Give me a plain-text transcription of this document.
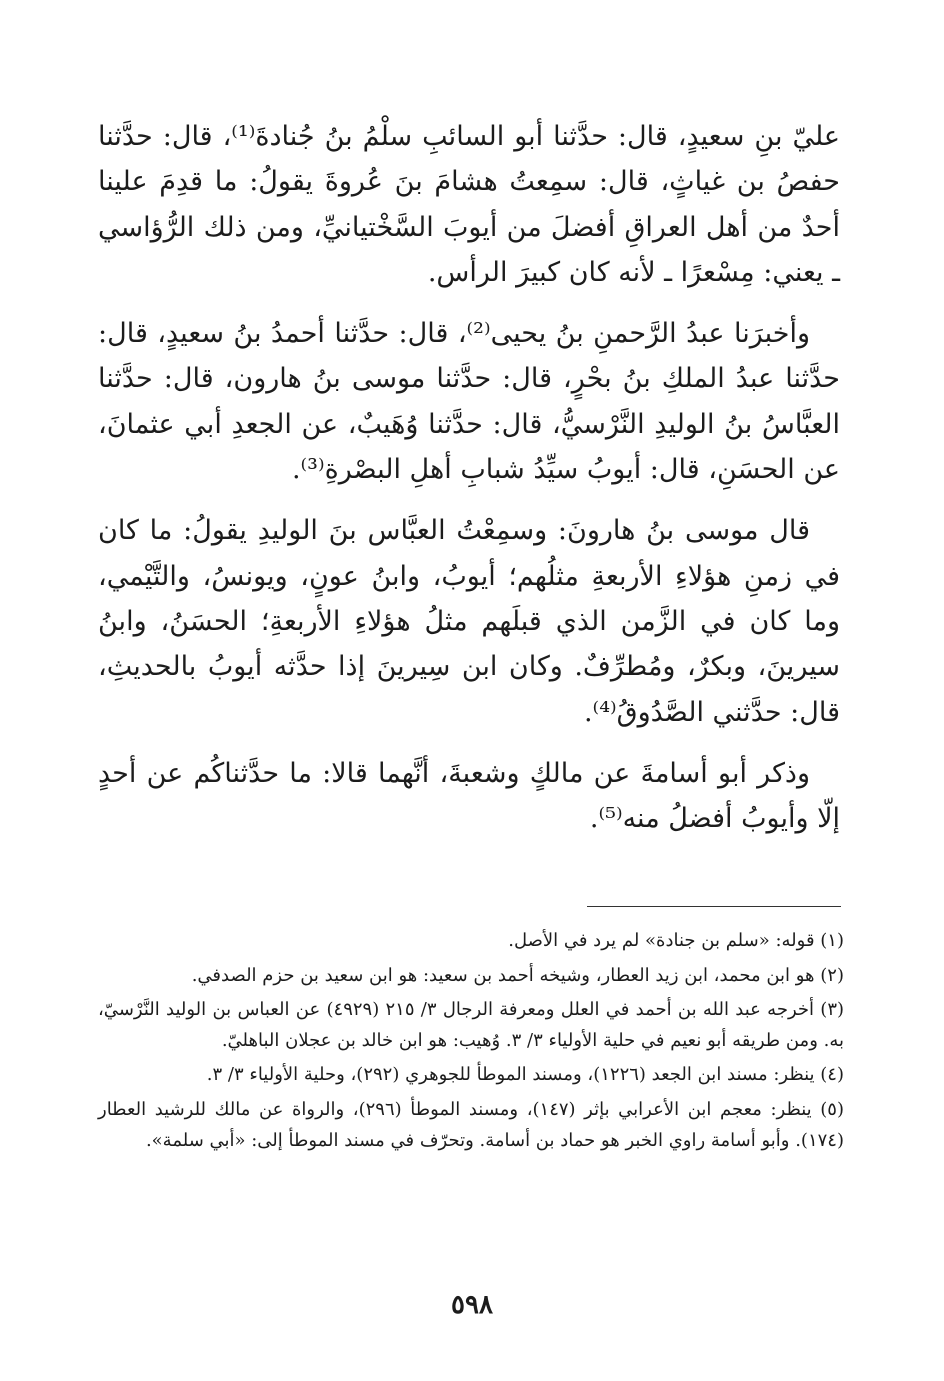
عليّ بنِ سعيدٍ، قال: حدَّثنا أبو السائبِ سلْمُ بنُ جُنادةَ⁽¹⁾، قال: حدَّثنا حفصُ بن غياثٍ، قال: سمِعتُ هشامَ بنَ عُروةَ يقولُ: ما قدِمَ علينا أحدٌ من أهل العراقِ أفضلَ من أيوبَ السَّخْتيانيِّ، ومن ذلك الرُّؤاسي ـ يعني: مِسْعرًا ـ لأنه كان كبيرَ الرأس.

وأخبرَنا عبدُ الرَّحمنِ بنُ يحيى⁽²⁾، قال: حدَّثنا أحمدُ بنُ سعيدٍ، قال: حدَّثنا عبدُ الملكِ بنُ بحْرٍ، قال: حدَّثنا موسى بنُ هارون، قال: حدَّثنا العبَّاسُ بنُ الوليدِ النَّرْسيُّ، قال: حدَّثنا وُهَيبٌ، عن الجعدِ أبي عثمانَ، عن الحسَنِ، قال: أيوبُ سيِّدُ شبابِ أهلِ البصْرةِ⁽³⁾.

قال موسى بنُ هارونَ: وسمِعْتُ العبَّاس بنَ الوليدِ يقولُ: ما كان في زمنِ هؤلاءِ الأربعةِ مثلُهم؛ أيوبُ، وابنُ عونٍ، ويونسُ، والتَّيْمي، وما كان في الزَّمن الذي قبلَهم مثلُ هؤلاءِ الأربعةِ؛ الحسَنُ، وابنُ سيرينَ، وبكرٌ، ومُطرِّفٌ. وكان ابن سِيرينَ إذا حدَّثه أيوبُ بالحديثِ، قال: حدَّثني الصَّدُوقُ⁽⁴⁾.

وذكر أبو أسامةَ عن مالكٍ وشعبةَ، أنَّهما قالا: ما حدَّثناكُم عن أحدٍ إلّا وأيوبُ أفضلُ منه⁽⁵⁾.

(١) قوله: «سلم بن جنادة» لم يرد في الأصل.
(٢) هو ابن محمد، ابن زيد العطار، وشيخه أحمد بن سعيد: هو ابن سعيد بن حزم الصدفي.
(٣) أخرجه عبد الله بن أحمد في العلل ومعرفة الرجال ٣/ ٢١٥ (٤٩٢٩) عن العباس بن الوليد النَّرْسيّ، به. ومن طريقه أبو نعيم في حلية الأولياء ٣/ ٣. وُهيب: هو ابن خالد بن عجلان الباهليّ.
(٤) ينظر: مسند ابن الجعد (١٢٢٦)، ومسند الموطأ للجوهري (٢٩٢)، وحلية الأولياء ٣/ ٣.
(٥) ينظر: معجم ابن الأعرابي بإثر (١٤٧)، ومسند الموطأ (٢٩٦)، والرواة عن مالك للرشيد العطار (١٧٤). وأبو أسامة راوي الخبر هو حماد بن أسامة. وتحرّف في مسند الموطأ إلى: «أبي سلمة».
٥٩٨
